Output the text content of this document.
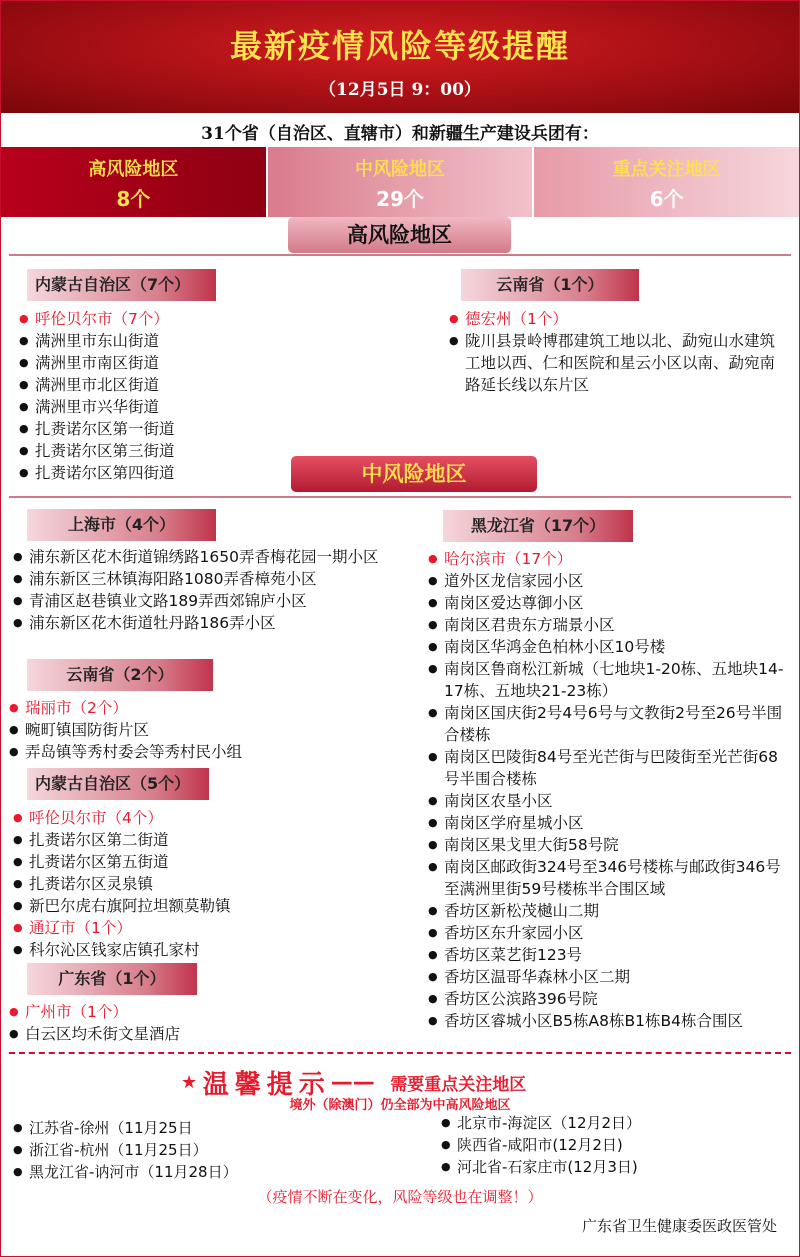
最新疫情风险等级提醒
（12月5日 9：00）
31个省（自治区、直辖市）和新疆生产建设兵团有：
高风险地区
8个
中风险地区
29个
重点关注地区
6个
高风险地区
内蒙古自治区（7个）
● 呼伦贝尔市（7个）
● 满洲里市东山街道
● 满洲里市南区街道
● 满洲里市北区街道
● 满洲里市兴华街道
● 扎赉诺尔区第一街道
● 扎赉诺尔区第三街道
● 扎赉诺尔区第四街道
云南省（1个）
● 德宏州（1个）
● 陇川县景岭博郡建筑工地以北、勐宛山水建筑工地以西、仁和医院和星云小区以南、勐宛南路延长线以东片区
中风险地区
上海市（4个）
● 浦东新区花木街道锦绣路1650弄香梅花园一期小区
● 浦东新区三林镇海阳路1080弄香樟苑小区
● 青浦区赵巷镇业文路189弄西郊锦庐小区
● 浦东新区花木街道牡丹路186弄小区
云南省（2个）
● 瑞丽市（2个）
● 畹町镇国防街片区
● 弄岛镇等秀村委会等秀村民小组
内蒙古自治区（5个）
● 呼伦贝尔市（4个）
● 扎赉诺尔区第二街道
● 扎赉诺尔区第五街道
● 扎赉诺尔区灵泉镇
● 新巴尔虎右旗阿拉坦额莫勒镇
● 通辽市（1个）
● 科尔沁区钱家店镇孔家村
广东省（1个）
● 广州市（1个）
● 白云区均禾街文星酒店
黑龙江省（17个）
● 哈尔滨市（17个）
● 道外区龙信家园小区
● 南岗区爱达尊御小区
● 南岗区君贵东方瑞景小区
● 南岗区华鸿金色柏林小区10号楼
● 南岗区鲁商松江新城（七地块1-20栋、五地块14-17栋、五地块21-23栋）
● 南岗区国庆街2号4号6号与文教街2号至26号半围合楼栋
● 南岗区巴陵街84号至光芒街与巴陵街至光芒街68号半围合楼栋
● 南岗区农垦小区
● 南岗区学府星城小区
● 南岗区果戈里大街58号院
● 南岗区邮政街324号至346号楼栋与邮政街346号至满洲里街59号楼栋半合围区域
● 香坊区新松茂樾山二期
● 香坊区东升家园小区
● 香坊区菜艺街123号
● 香坊区温哥华森林小区二期
● 香坊区公滨路396号院
● 香坊区睿城小区B5栋A8栋B1栋B4栋合围区
★ 温馨提示—— 需要重点关注地区
境外（除澳门）仍全部为中高风险地区
● 江苏省-徐州（11月25日
● 浙江省-杭州（11月25日）
● 黑龙江省-讷河市（11月28日）
● 北京市-海淀区（12月2日）
● 陕西省-咸阳市(12月2日)
● 河北省-石家庄市(12月3日)
（疫情不断在变化，风险等级也在调整！）
广东省卫生健康委医政医管处
